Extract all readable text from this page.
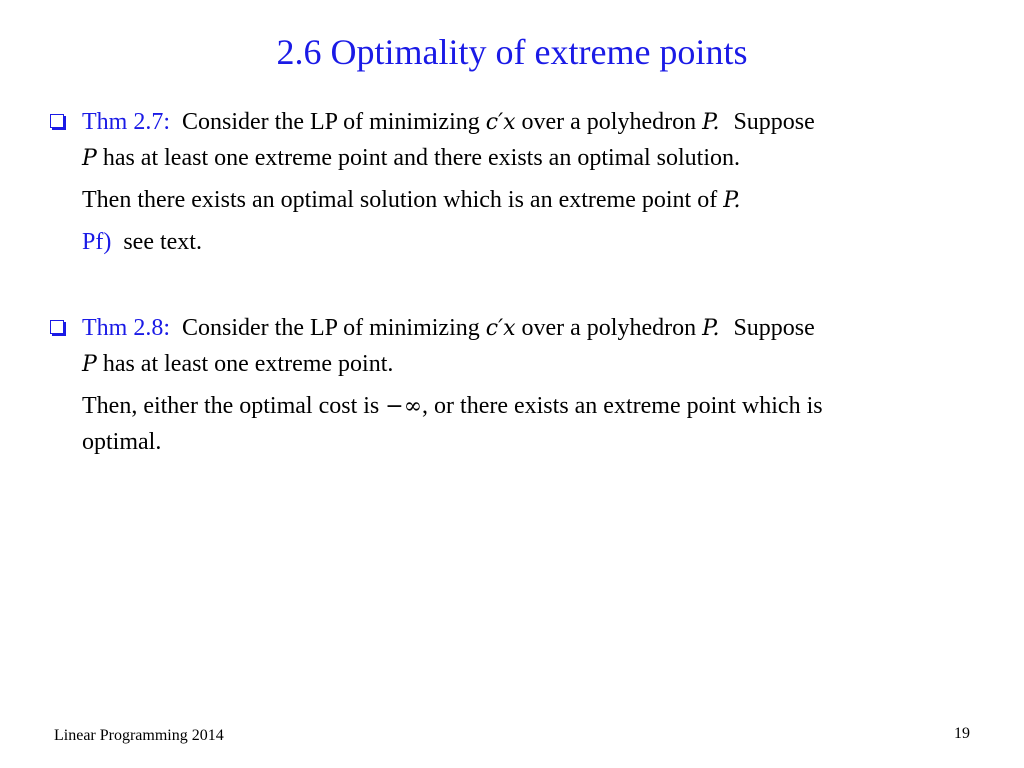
2.6 Optimality of extreme points
Thm 2.7: Consider the LP of minimizing c′x over a polyhedron P. Suppose
P has at least one extreme point and there exists an optimal solution.
Then there exists an optimal solution which is an extreme point of P.
Pf) see text.
Thm 2.8: Consider the LP of minimizing c′x over a polyhedron P. Suppose
P has at least one extreme point.
Then, either the optimal cost is −∞, or there exists an extreme point which is
optimal.
Linear Programming 2014	19
